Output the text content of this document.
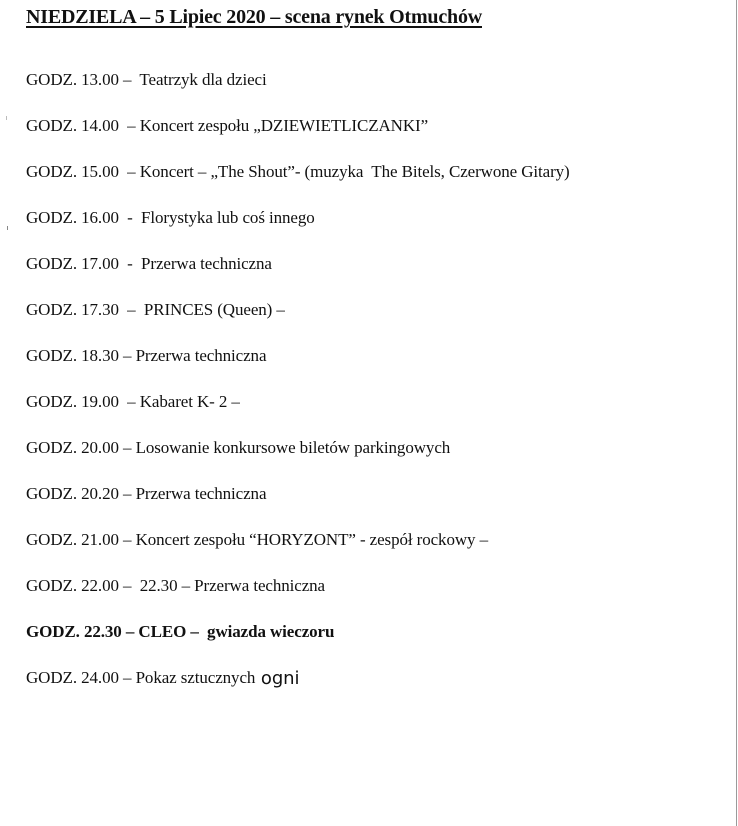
NIEDZIELA – 5 Lipiec 2020 – scena rynek Otmuchów
GODZ. 13.00 – Teatrzyk dla dzieci
GODZ. 14.00 – Koncert zespołu „DZIEWIETLICZANKI”
GODZ. 15.00 – Koncert – „The Shout”- (muzyka  The Bitels, Czerwone Gitary)
GODZ. 16.00 -  Florystyka lub coś innego
GODZ. 17.00 -  Przerwa techniczna
GODZ. 17.30 –  PRINCES (Queen) –
GODZ. 18.30 – Przerwa techniczna
GODZ. 19.00 – Kabaret K- 2 –
GODZ. 20.00 – Losowanie konkursowe biletów parkingowych
GODZ. 20.20 – Przerwa techniczna
GODZ. 21.00 – Koncert zespołu “HORYZONT” - zespół rockowy –
GODZ. 22.00 –  22.30 – Przerwa techniczna
GODZ. 22.30 – CLEO –  gwiazda wieczoru
GODZ. 24.00 – Pokaz sztucznych ogni
